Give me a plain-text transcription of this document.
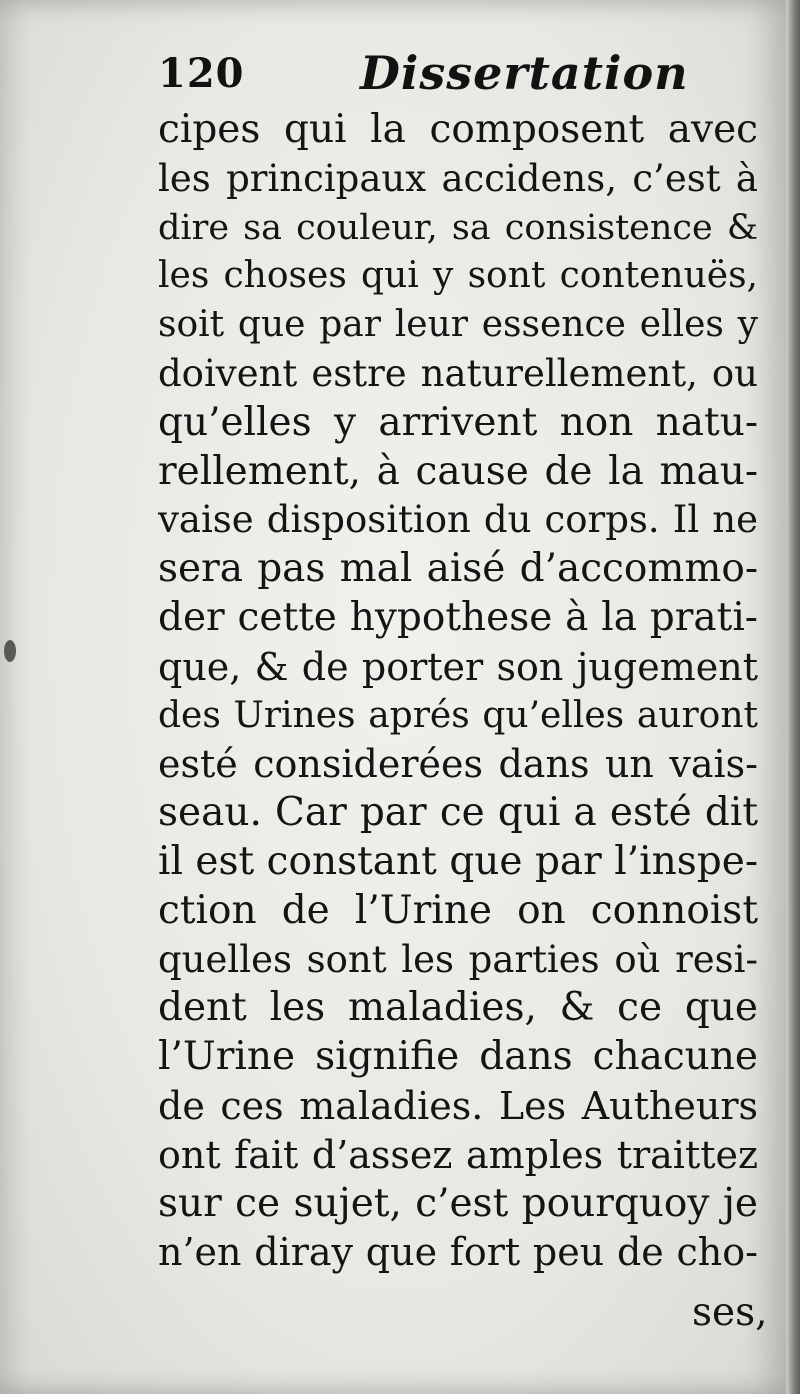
120	Dissertation
cipes qui la composent avec
les principaux accidens, c’est à
dire sa couleur, sa consistence &
les choses qui y sont contenuës,
soit que par leur essence elles y
doivent estre naturellement, ou
qu’elles y arrivent non natu-
rellement, à cause de la mau-
vaise disposition du corps. Il ne
sera pas mal aisé d’accommo-
der cette hypothese à la prati-
que, & de porter son jugement
des Urines aprés qu’elles auront
esté considerées dans un vais-
seau. Car par ce qui a esté dit
il est constant que par l’inspe-
ction de l’Urine on connoist
quelles sont les parties où resi-
dent les maladies, & ce que
l’Urine signifie dans chacune
de ces maladies. Les Autheurs
ont fait d’assez amples traittez
sur ce sujet, c’est pourquoy je
n’en diray que fort peu de cho-
ses,
